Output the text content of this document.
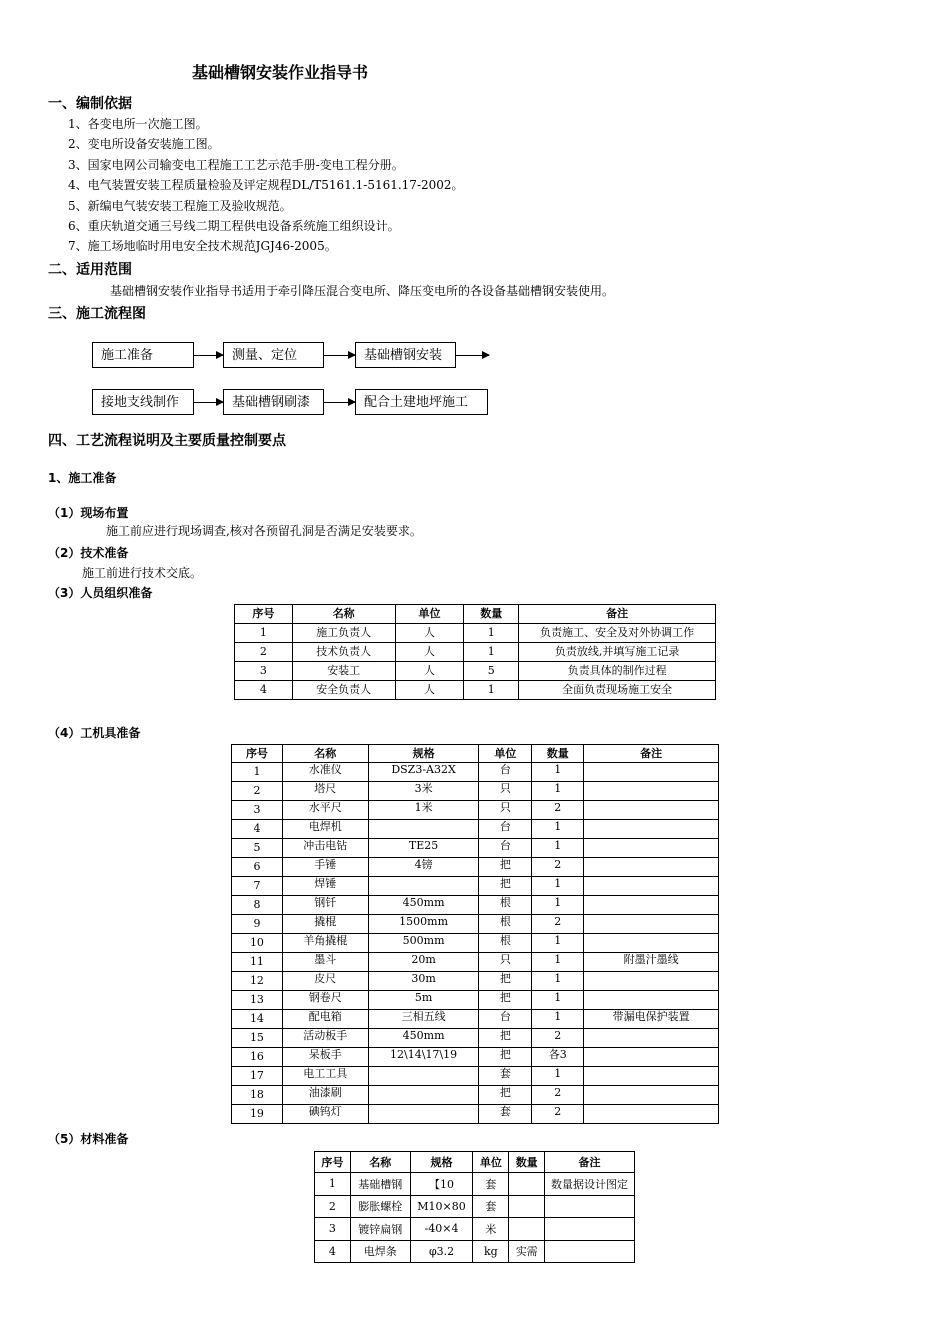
基础槽钢安装作业指导书
一、编制依据
1、各变电所一次施工图。
2、变电所设备安装施工图。
3、国家电网公司输变电工程施工工艺示范手册-变电工程分册。
4、电气装置安装工程质量检验及评定规程DL/T5161.1-5161.17-2002。
5、新编电气装安装工程施工及验收规范。
6、重庆轨道交通三号线二期工程供电设备系统施工组织设计。
7、施工场地临时用电安全技术规范JGJ46-2005。
二、适用范围
基础槽钢安装作业指导书适用于牵引降压混合变电所、降压变电所的各设备基础槽钢安装使用。
三、施工流程图
施工准备	测量、定位	基础槽钢安装
接地支线制作	基础槽钢刷漆	配合土建地坪施工
四、工艺流程说明及主要质量控制要点
1、施工准备
（1）现场布置
施工前应进行现场调查,核对各预留孔洞是否满足安装要求。
（2）技术准备
施工前进行技术交底。
（3）人员组织准备
序号	名称	单位	数量	备注
1	施工负责人	人	1	负责施工、安全及对外协调工作
2	技术负责人	人	1	负责放线,并填写施工记录
3	安装工	人	5	负责具体的制作过程
4	安全负责人	人	1	全面负责现场施工安全
（4）工机具准备
序号	名称	规格	单位	数量	备注
1	水准仪	DSZ3-A32X	台	1	
2	塔尺	3米	只	1	
3	水平尺	1米	只	2	
4	电焊机		台	1	
5	冲击电钻	TE25	台	1	
6	手锤	4镑	把	2	
7	焊锤		把	1	
8	钢钎	450mm	根	1	
9	撬棍	1500mm	根	2	
10	羊角撬棍	500mm	根	1	
11	墨斗	20m	只	1	附墨汁墨线
12	皮尺	30m	把	1	
13	钢卷尺	5m	把	1	
14	配电箱	三相五线	台	1	带漏电保护装置
15	活动板手	450mm	把	2	
16	呆板手	12\14\17\19	把	各3	
17	电工工具		套	1	
18	油漆刷		把	2	
19	碘钨灯		套	2	
（5）材料准备
序号	名称	规格	单位	数量	备注
1	基础槽钢	【10	套		数量据设计图定
2	膨胀螺栓	M10×80	套		
3	镀锌扁钢	-40×4	米		
4	电焊条	φ3.2	kg	实需	
